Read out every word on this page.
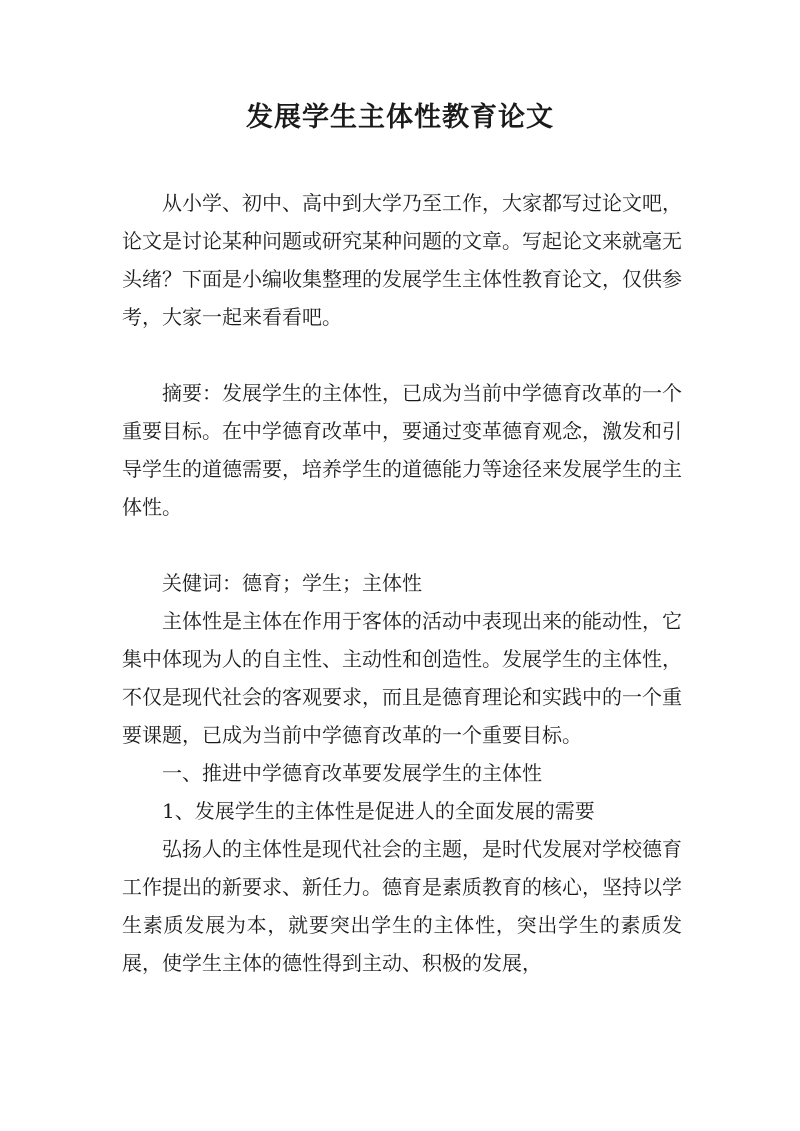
发展学生主体性教育论文

从小学、初中、高中到大学乃至工作，大家都写过论文吧，论文是讨论某种问题或研究某种问题的文章。写起论文来就毫无头绪？下面是小编收集整理的发展学生主体性教育论文，仅供参考，大家一起来看看吧。

摘要：发展学生的主体性，已成为当前中学德育改革的一个重要目标。在中学德育改革中，要通过变革德育观念，激发和引导学生的道德需要，培养学生的道德能力等途径来发展学生的主体性。

关健词：德育；学生；主体性

主体性是主体在作用于客体的活动中表现出来的能动性，它集中体现为人的自主性、主动性和创造性。发展学生的主体性，不仅是现代社会的客观要求，而且是德育理论和实践中的一个重要课题，已成为当前中学德育改革的一个重要目标。

一、推进中学德育改革要发展学生的主体性

1、发展学生的主体性是促进人的全面发展的需要

弘扬人的主体性是现代社会的主题，是时代发展对学校德育工作提出的新要求、新任力。德育是素质教育的核心，坚持以学生素质发展为本，就要突出学生的主体性，突出学生的素质发展，使学生主体的德性得到主动、积极的发展，
